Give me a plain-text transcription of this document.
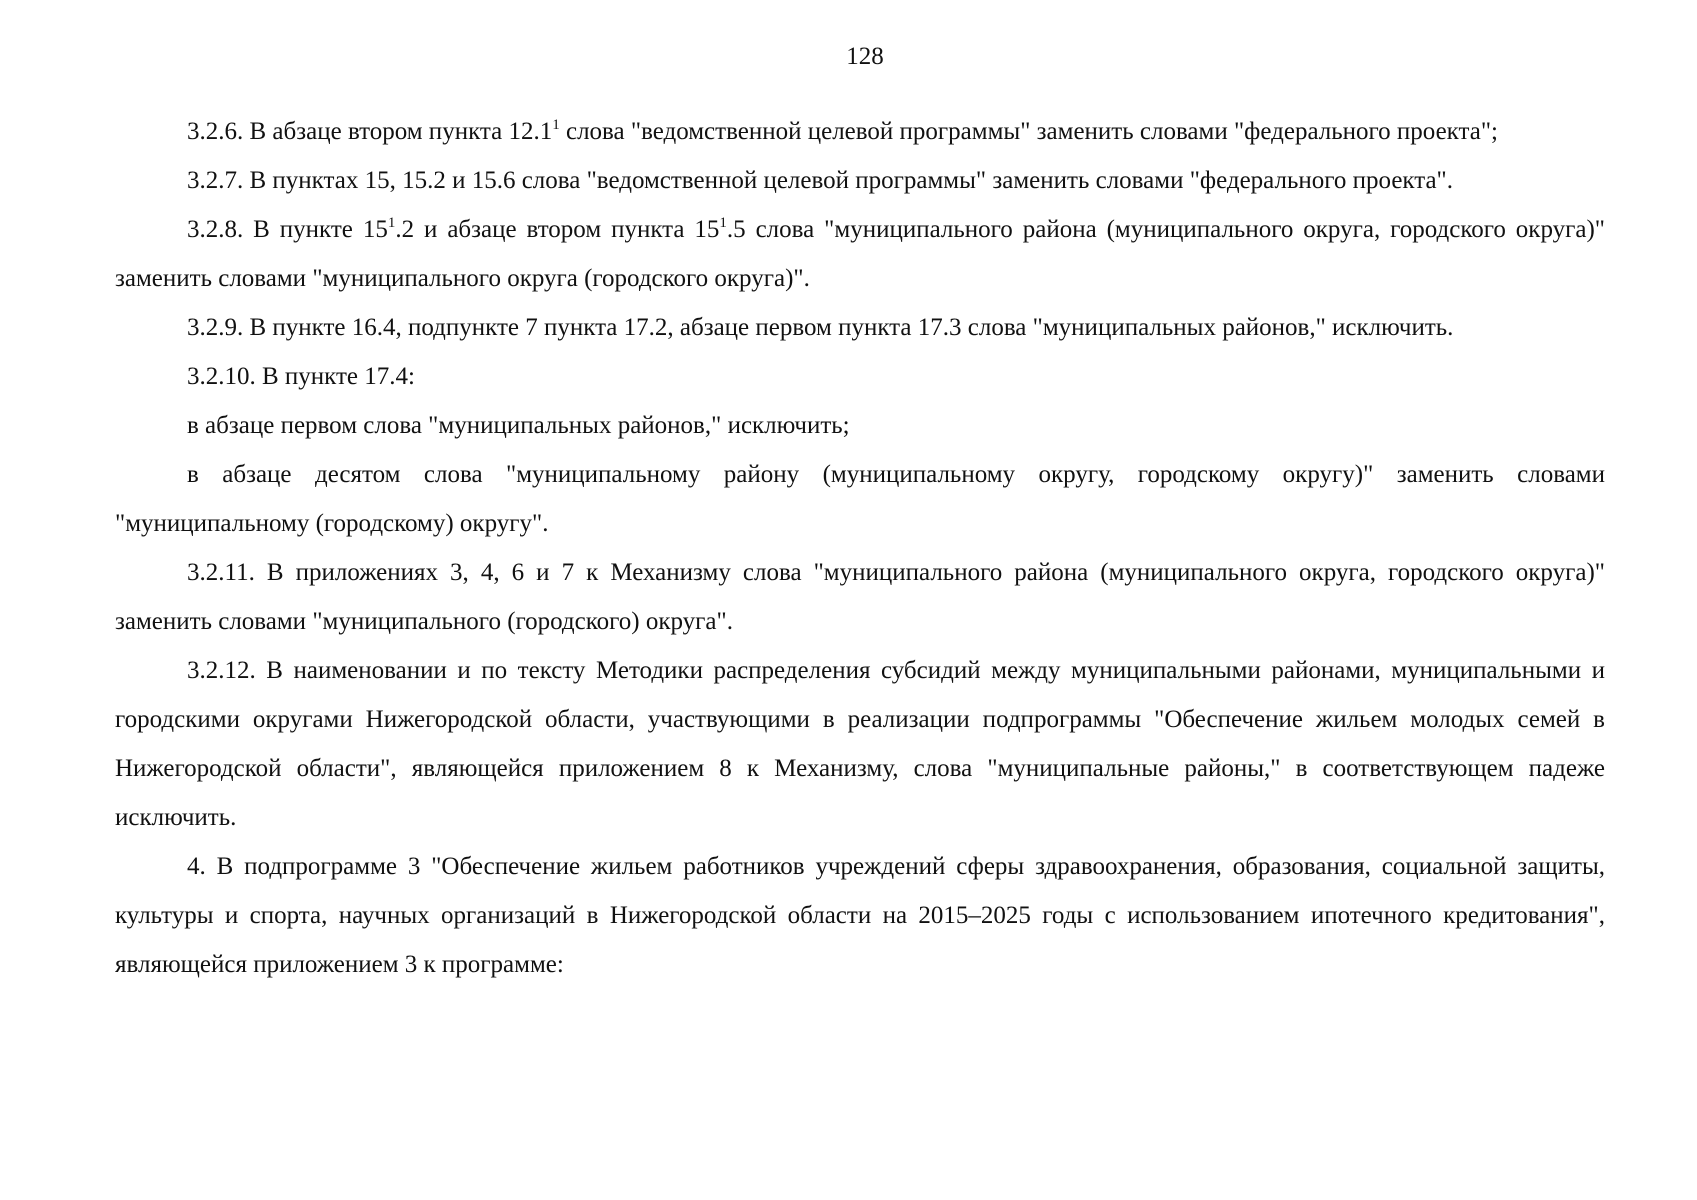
128

3.2.6. В абзаце втором пункта 12.1$^1$ слова "ведомственной целевой программы" заменить словами "федерального проекта";

3.2.7. В пунктах 15, 15.2 и 15.6 слова "ведомственной целевой программы" заменить словами "федерального проекта".

3.2.8. В пункте $15^1.2$ и абзаце втором пункта $15^1.5$ слова "муниципального района (муниципального округа, городского округа)" заменить словами "муниципального округа (городского округа)".

3.2.9. В пункте 16.4, подпункте 7 пункта 17.2, абзаце первом пункта 17.3 слова "муниципальных районов," исключить.

3.2.10. В пункте 17.4:

в абзаце первом слова "муниципальных районов," исключить;

в абзаце десятом слова "муниципальному району (муниципальному округу, городскому округу)" заменить словами "муниципальному (городскому) округу".

3.2.11. В приложениях 3, 4, 6 и 7 к Механизму слова "муниципального района (муниципального округа, городского округа)" заменить словами "муниципального (городского) округа".

3.2.12. В наименовании и по тексту Методики распределения субсидий между муниципальными районами, муниципальными и городскими округами Нижегородской области, участвующими в реализации подпрограммы "Обеспечение жильем молодых семей в Нижегородской области", являющейся приложением 8 к Механизму, слова "муниципальные районы," в соответствующем падеже исключить.

4. В подпрограмме 3 "Обеспечение жильем работников учреждений сферы здравоохранения, образования, социальной защиты, культуры и спорта, научных организаций в Нижегородской области на 2015–2025 годы с использованием ипотечного кредитования", являющейся приложением 3 к программе:
